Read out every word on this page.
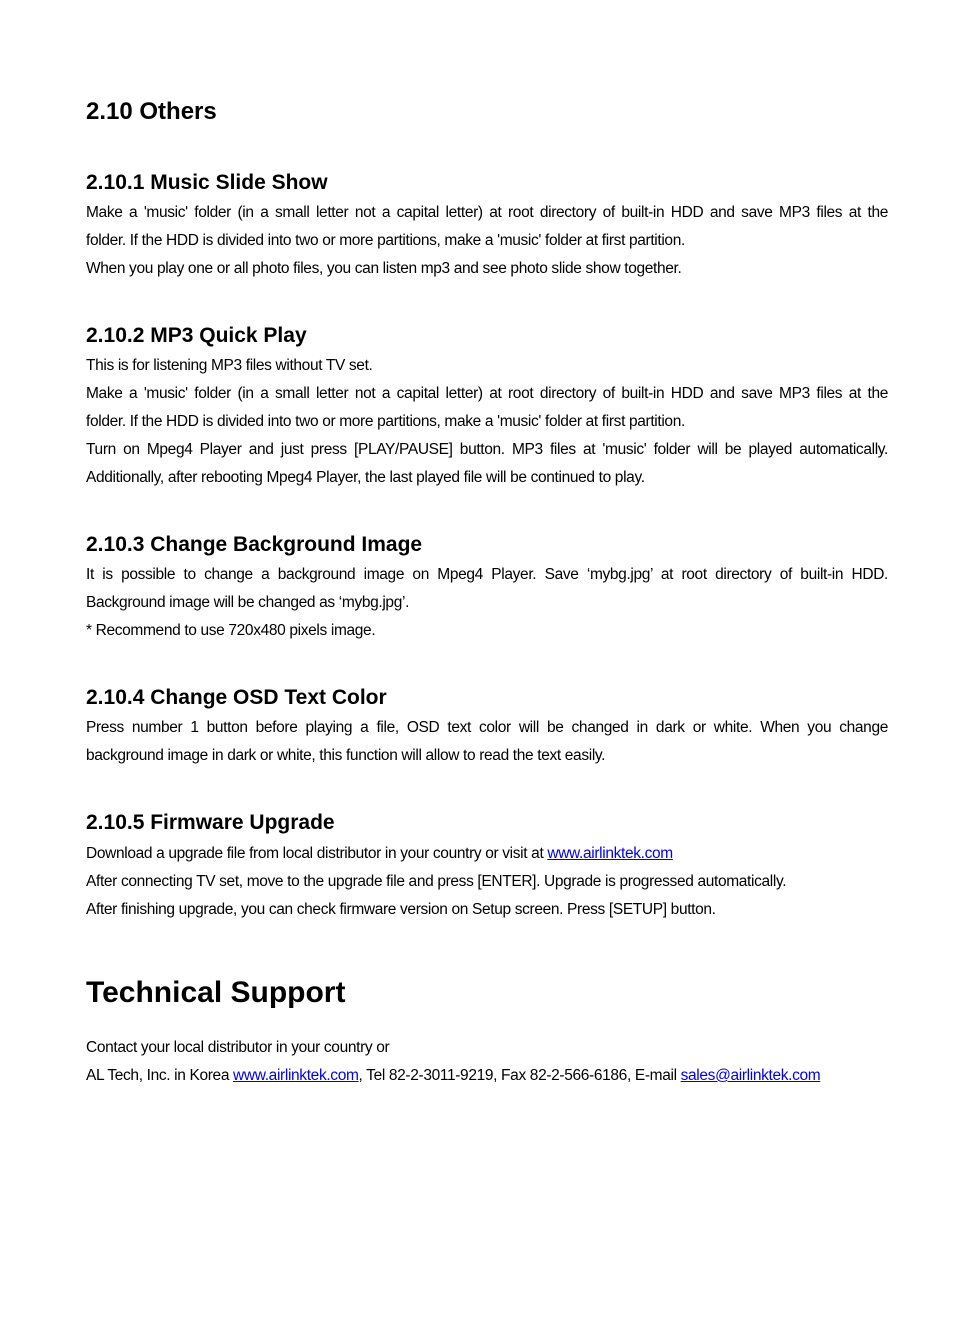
2.10 Others
2.10.1 Music Slide Show

Make a 'music' folder (in a small letter not a capital letter) at root directory of built-in HDD and save MP3 files at the
folder. If the HDD is divided into two or more partitions, make a 'music' folder at first partition.
When you play one or all photo files, you can listen mp3 and see photo slide show together.

2.10.2 MP3 Quick Play

This is for listening MP3 files without TV set.
Make a 'music' folder (in a small letter not a capital letter) at root directory of built-in HDD and save MP3 files at the
folder. If the HDD is divided into two or more partitions, make a 'music' folder at first partition.
Turn on Mpeg4 Player and just press [PLAY/PAUSE] button. MP3 files at 'music' folder will be played automatically.
Additionally, after rebooting Mpeg4 Player, the last played file will be continued to play.

2.10.3 Change Background Image

It is possible to change a background image on Mpeg4 Player. Save ‘mybg.jpg’ at root directory of built-in HDD.
Background image will be changed as ‘mybg.jpg’.
* Recommend to use 720x480 pixels image.

2.10.4 Change OSD Text Color

Press number 1 button before playing a file, OSD text color will be changed in dark or white. When you change
background image in dark or white, this function will allow to read the text easily.

2.10.5 Firmware Upgrade

Download a upgrade file from local distributor in your country or visit at www.airlinktek.com
After connecting TV set, move to the upgrade file and press [ENTER]. Upgrade is progressed automatically.
After finishing upgrade, you can check firmware version on Setup screen. Press [SETUP] button.

Technical Support

Contact your local distributor in your country or
AL Tech, Inc. in Korea www.airlinktek.com, Tel 82-2-3011-9219, Fax 82-2-566-6186, E-mail sales@airlinktek.com
